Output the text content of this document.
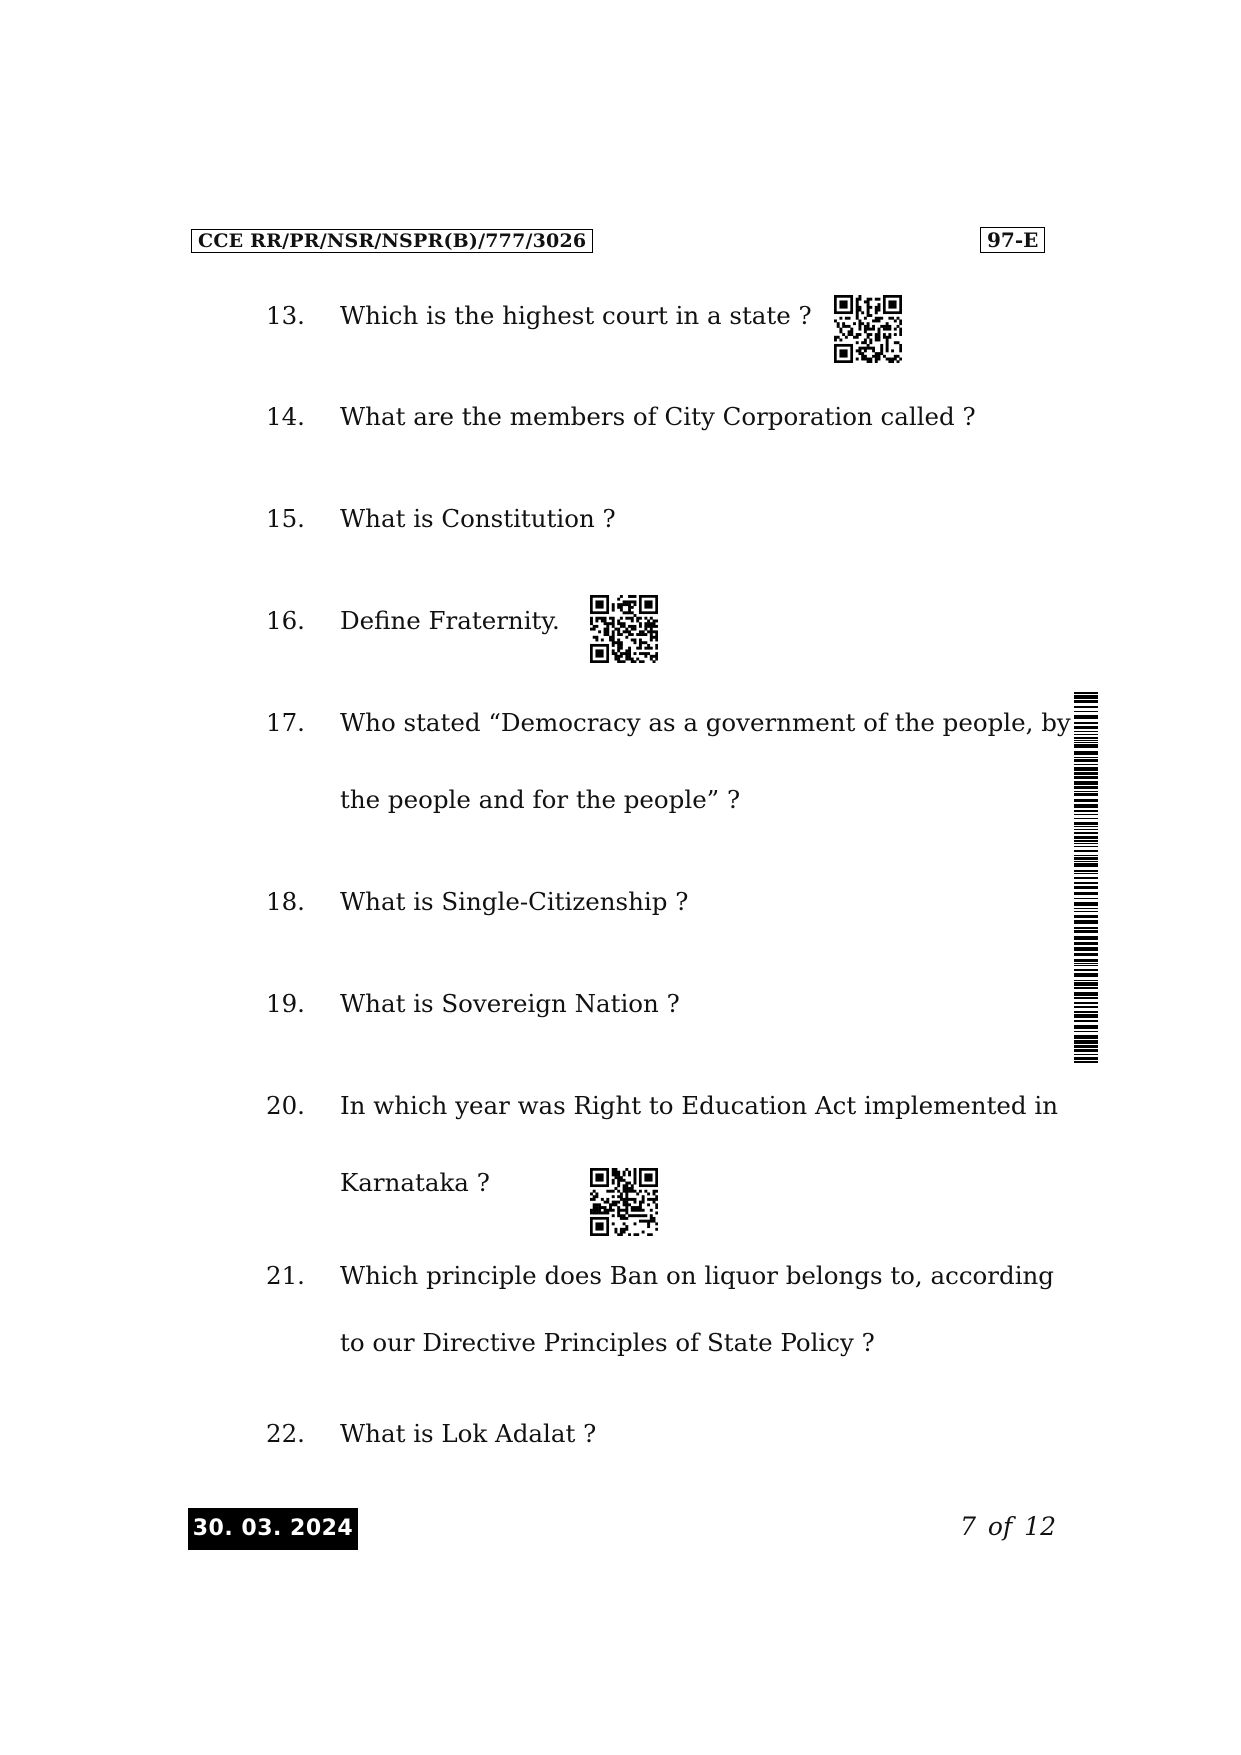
CCE RR/PR/NSR/NSPR(B)/777/3026	97-E
13. Which is the highest court in a state ?
14. What are the members of City Corporation called ?
15. What is Constitution ?
16. Define Fraternity.
17. Who stated “Democracy as a government of the people, by
the people and for the people” ?
18. What is Single-Citizenship ?
19. What is Sovereign Nation ?
20. In which year was Right to Education Act implemented in
Karnataka ?
21. Which principle does Ban on liquor belongs to, according
to our Directive Principles of State Policy ?
22. What is Lok Adalat ?
30. 03. 2024	7 of 12
